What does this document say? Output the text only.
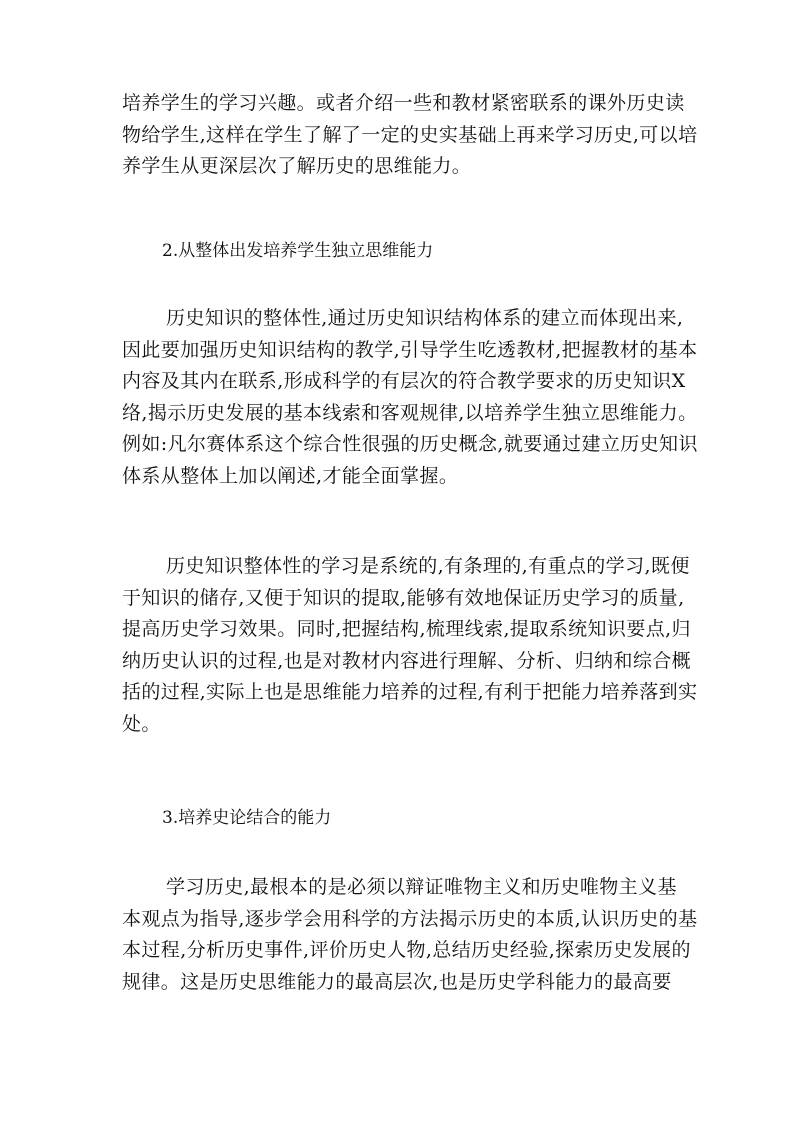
培养学生的学习兴趣。或者介绍一些和教材紧密联系的课外历史读
物给学生,这样在学生了解了一定的史实基础上再来学习历史,可以培
养学生从更深层次了解历史的思维能力。
2.从整体出发培养学生独立思维能力
历史知识的整体性,通过历史知识结构体系的建立而体现出来,
因此要加强历史知识结构的教学,引导学生吃透教材,把握教材的基本
内容及其内在联系,形成科学的有层次的符合教学要求的历史知识X
络,揭示历史发展的基本线索和客观规律,以培养学生独立思维能力。
例如:凡尔赛体系这个综合性很强的历史概念,就要通过建立历史知识
体系从整体上加以阐述,才能全面掌握。
历史知识整体性的学习是系统的,有条理的,有重点的学习,既便
于知识的储存,又便于知识的提取,能够有效地保证历史学习的质量,
提高历史学习效果。同时,把握结构,梳理线索,提取系统知识要点,归
纳历史认识的过程,也是对教材内容进行理解、分析、归纳和综合概
括的过程,实际上也是思维能力培养的过程,有利于把能力培养落到实
处。
3.培养史论结合的能力
学习历史,最根本的是必须以辩证唯物主义和历史唯物主义基
本观点为指导,逐步学会用科学的方法揭示历史的本质,认识历史的基
本过程,分析历史事件,评价历史人物,总结历史经验,探索历史发展的
规律。这是历史思维能力的最高层次,也是历史学科能力的最高要
